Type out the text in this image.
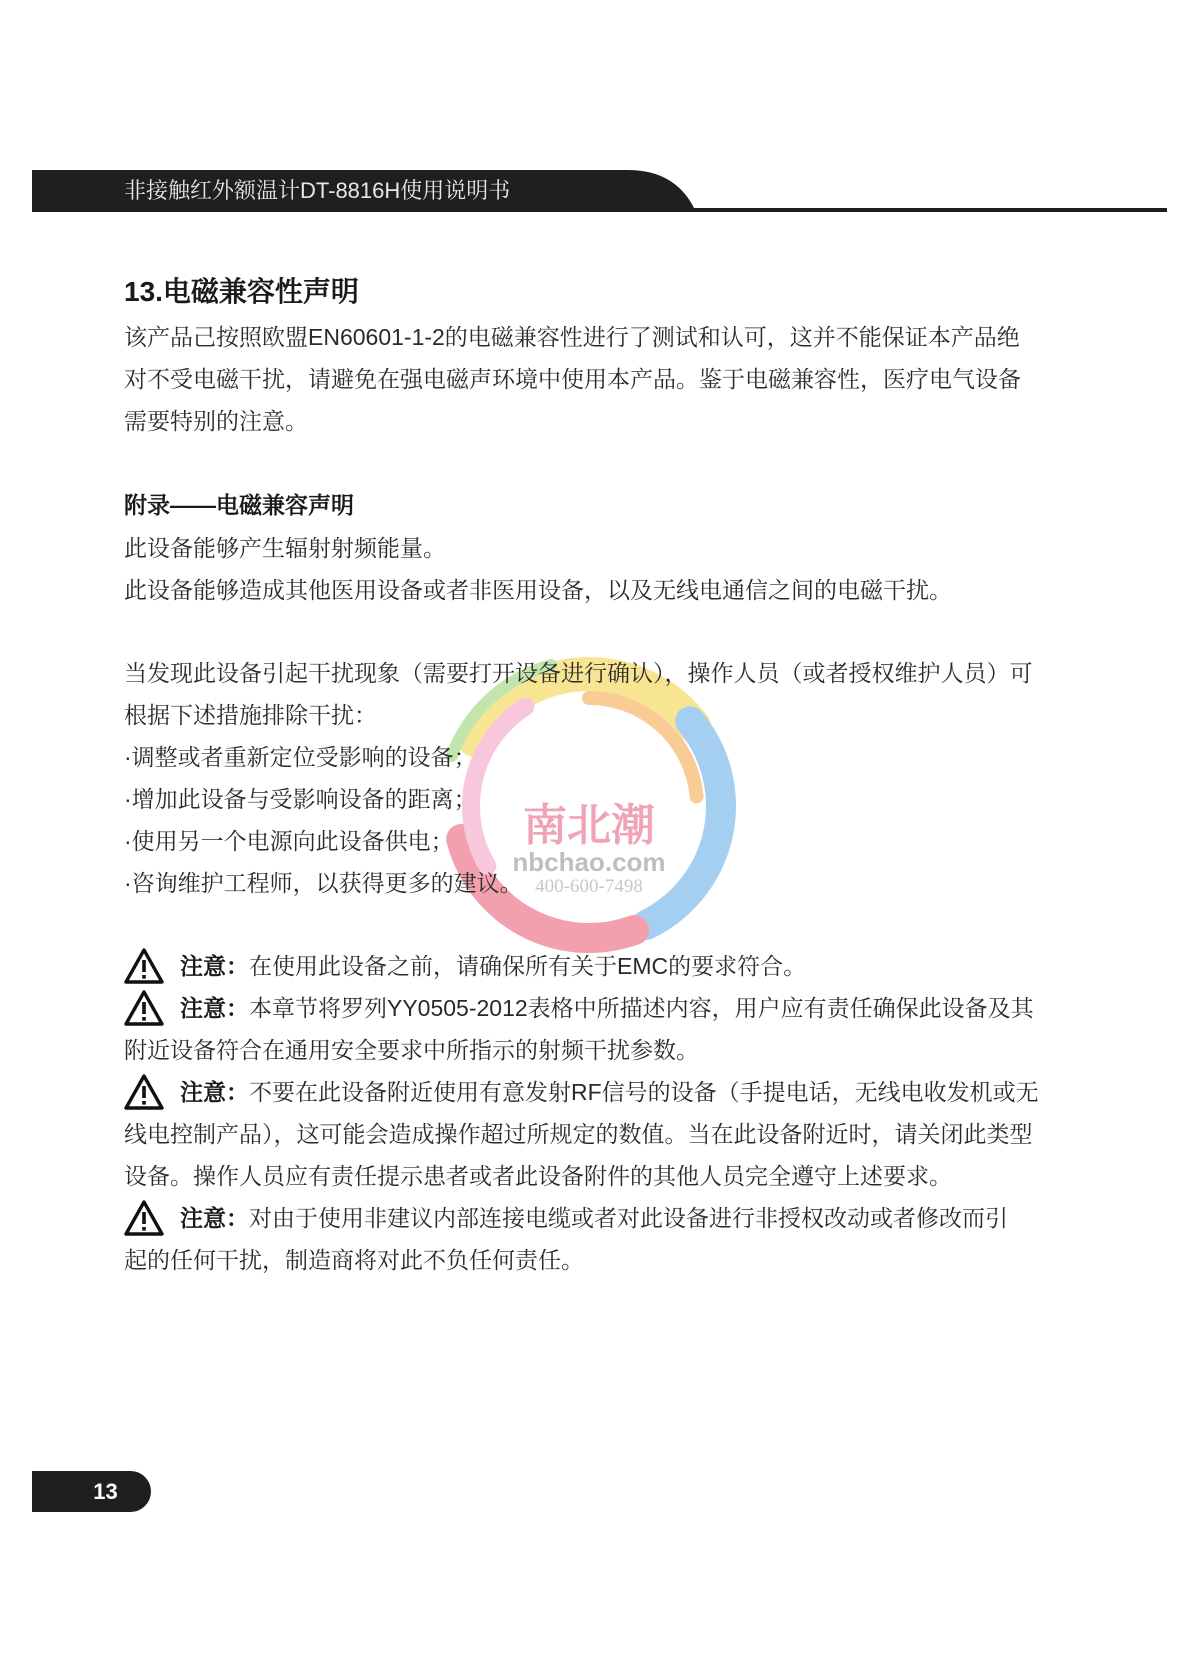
非接触红外额温计DT-8816H使用说明书
南北潮
nbchao.com
400-600-7498
13.电磁兼容性声明
该产品己按照欧盟EN60601-1-2的电磁兼容性进行了测试和认可，这并不能保证本产品绝
对不受电磁干扰，请避免在强电磁声环境中使用本产品。鉴于电磁兼容性，医疗电气设备
需要特别的注意。
附录——电磁兼容声明
此设备能够产生辐射射频能量。
此设备能够造成其他医用设备或者非医用设备，以及无线电通信之间的电磁干扰。
当发现此设备引起干扰现象（需要打开设备进行确认），操作人员（或者授权维护人员）可
根据下述措施排除干扰：
·调整或者重新定位受影响的设备；
·增加此设备与受影响设备的距离；
·使用另一个电源向此设备供电；
·咨询维护工程师，以获得更多的建议。
注意： 在使用此设备之前，请确保所有关于EMC的要求符合。
注意： 本章节将罗列YY0505-2012表格中所描述内容，用户应有责任确保此设备及其
附近设备符合在通用安全要求中所指示的射频干扰参数。
注意： 不要在此设备附近使用有意发射RF信号的设备（手提电话，无线电收发机或无
线电控制产品），这可能会造成操作超过所规定的数值。当在此设备附近时，请关闭此类型
设备。操作人员应有责任提示患者或者此设备附件的其他人员完全遵守上述要求。
注意： 对由于使用非建议内部连接电缆或者对此设备进行非授权改动或者修改而引
起的任何干扰，制造商将对此不负任何责任。
13
